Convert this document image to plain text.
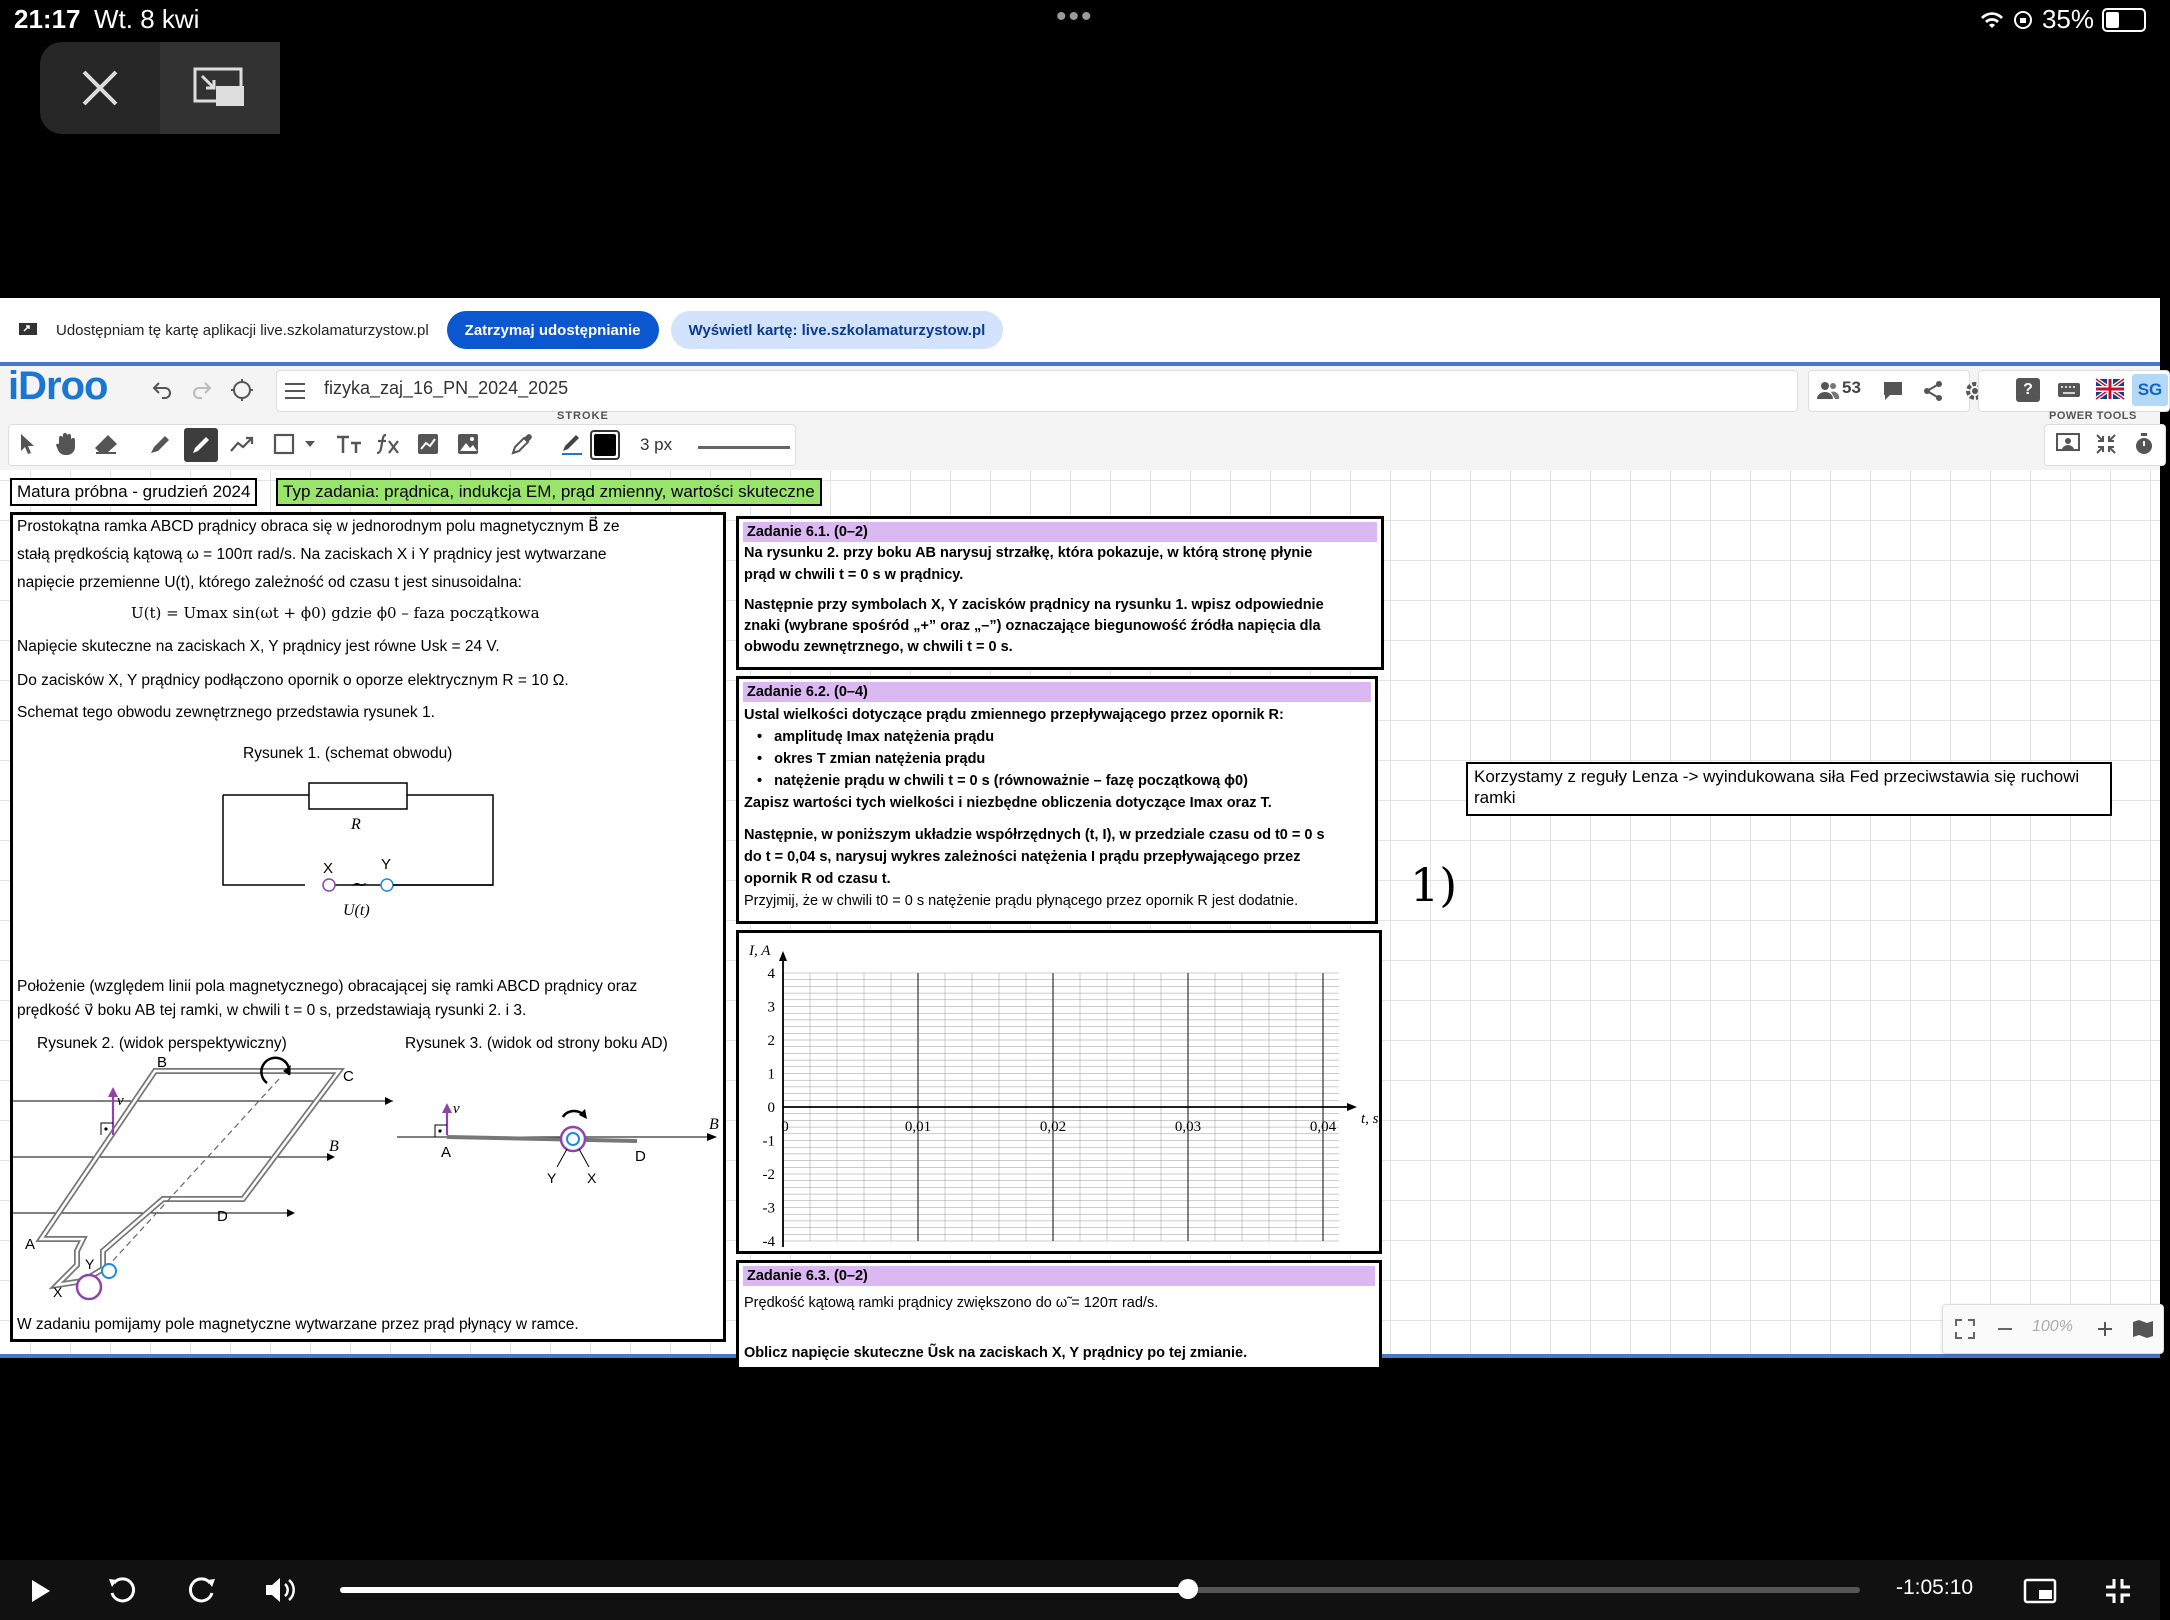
21:17 Wt. 8 kwi	•••	35%
Udostępniam tę kartę aplikacji live.szkolamaturzystow.pl	Zatrzymaj udostępnianie	Wyświetl kartę: live.szkolamaturzystow.pl
iDroo	fizyka_zaj_16_PN_2024_2025	53	?	SG
STROKE	POWER TOOLS
3 px
Matura próbna - grudzień 2024	Typ zadania: prądnica, indukcja EM, prąd zmienny, wartości skuteczne
Prostokątna ramka ABCD prądnicy obraca się w jednorodnym polu magnetycznym B⃗ ze
stałą prędkością kątową ω = 100π rad/s. Na zaciskach X i Y prądnicy jest wytwarzane
napięcie przemienne U(t), którego zależność od czasu t jest sinusoidalna:
U(t) = Umax sin(ωt + ϕ0) gdzie ϕ0 – faza początkowa
Napięcie skuteczne na zaciskach X, Y prądnicy jest równe Usk = 24 V.
Do zacisków X, Y prądnicy podłączono opornik o oporze elektrycznym R = 10 Ω.
Schemat tego obwodu zewnętrznego przedstawia rysunek 1.
Rysunek 1. (schemat obwodu)
R
X	Y
~
U(t)
Położenie (względem linii pola magnetycznego) obracającej się ramki ABCD prądnicy oraz
prędkość v⃗ boku AB tej ramki, w chwili t = 0 s, przedstawiają rysunki 2. i 3.
Rysunek 2. (widok perspektywiczny)	Rysunek 3. (widok od strony boku AD)
B
C
A
D
Y
X
v⃗
B⃗	A	D
Y X
v⃗
B⃗
W zadaniu pomijamy pole magnetyczne wytwarzane przez prąd płynący w ramce.
Zadanie 6.1. (0–2)
Na rysunku 2. przy boku AB narysuj strzałkę, która pokazuje, w którą stronę płynie
prąd w chwili t = 0 s w prądnicy.
Następnie przy symbolach X, Y zacisków prądnicy na rysunku 1. wpisz odpowiednie
znaki (wybrane spośród „+” oraz „–”) oznaczające biegunowość źródła napięcia dla
obwodu zewnętrznego, w chwili t = 0 s.
Zadanie 6.2. (0–4)
Ustal wielkości dotyczące prądu zmiennego przepływającego przez opornik R:
•   amplitudę Imax natężenia prądu
•   okres T zmian natężenia prądu
•   natężenie prądu w chwili t = 0 s (równoważnie – fazę początkową ϕ0)
Zapisz wartości tych wielkości i niezbędne obliczenia dotyczące Imax oraz T.
Następnie, w poniższym układzie współrzędnych (t, I), w przedziale czasu od t0 = 0 s
do t = 0,04 s, narysuj wykres zależności natężenia I prądu przepływającego przez
opornik R od czasu t.
Przyjmij, że w chwili t0 = 0 s natężenie prądu płynącego przez opornik R jest dodatnie.
4
3
2
1
0
-1
-2
-3
-4
0	0,01	0,02	0,03	0,04
I, A
t, s
Zadanie 6.3. (0–2)
Prędkość kątową ramki prądnicy zwiększono do ω̃ = 120π rad/s.
Oblicz napięcie skuteczne Ũsk na zaciskach X, Y prądnicy po tej zmianie.
1)
Korzystamy z reguły Lenza -> wyindukowana siła Fed przeciwstawia się ruchowi ramki
100%
-1:05:10
